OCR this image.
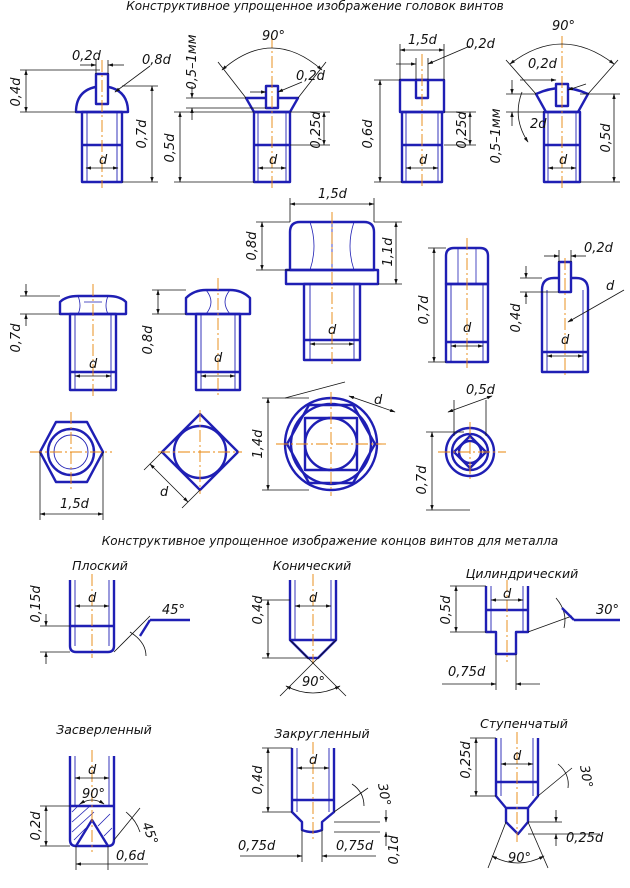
Конструктивное упрощенное изображение головок винтов
Конструктивное упрощенное изображение концов винтов для металла
0,4d
0,2d	0,8d
0,7d
d
90°
0,5–1мм	0,2d
0,5d	0,25d
d
1,5d 0,2d
0,6d	0,25d
d
90°
0,2d
2d
0,5–1мм	0,5d
d
0,7d
d
0,8d
d
1,5d
0,8d	1,1d
d
0,7d
d
0,2d
0,4d
d
d
1,5d
d
d
1,4d
0,5d
0,7d
Плоский
0,15d	d
45°
Конический
d
0,4d
90°
Цилиндрический
d
0,5d
0,75d
30°
Засверленный
d
90°
0,2d
0,6d
45°
Закругленный
d
0,4d
0,75d	0,75d 0,1d
30°
Ступенчатый
d
0,25d
0,25d
90°
30°
